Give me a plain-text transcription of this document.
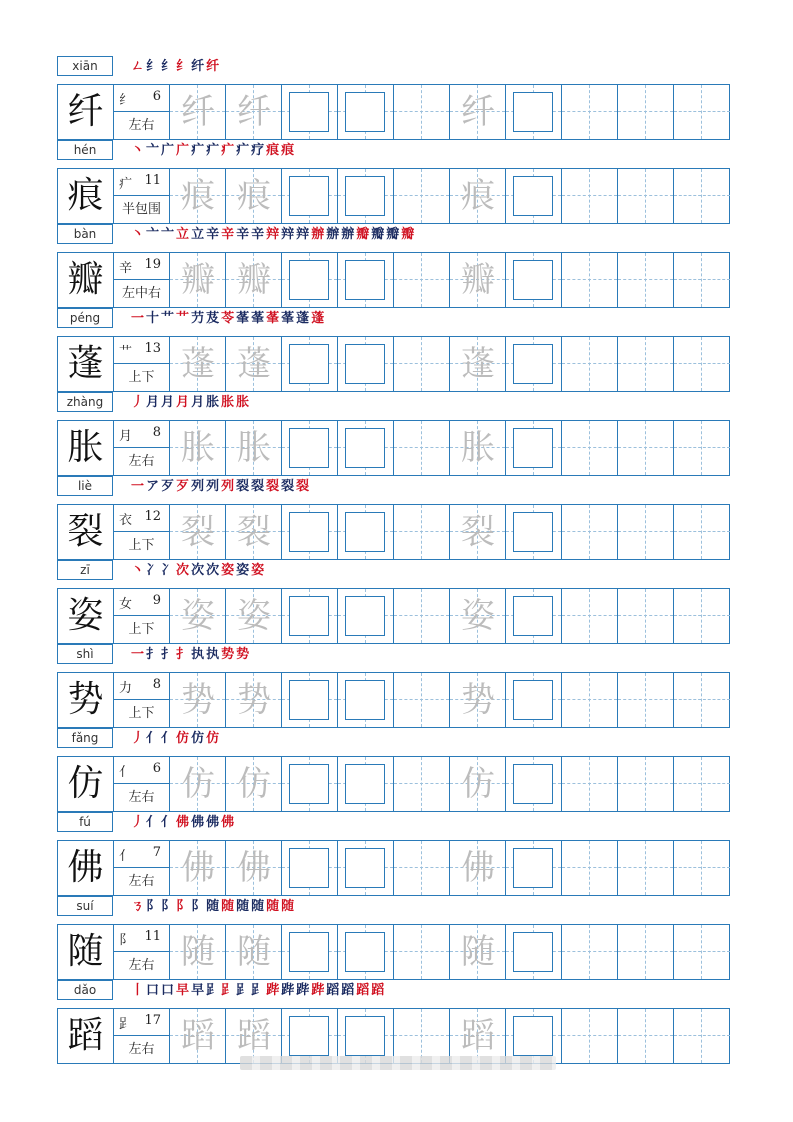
xiān	ㄥ纟纟纟纤纤
纤	纟 6
左右 纤 纤	纤
hén	丶亠广广疒疒疒疒疗痕痕
痕	疒 11
半包围 痕 痕	痕
bàn	丶亠亠立立辛辛辛辛辡辡辡辦辦辦瓣瓣瓣瓣
瓣	辛 19
左中右 瓣 瓣	瓣
péng	一十艹艹芀芨苓莑莑莑莑蓬蓬
蓬	艹 13
上下 蓬 蓬	蓬
zhàng	丿月月月月胀胀胀
胀	月 8
左右 胀 胀	胀
liè	一ア歹歹列列列裂裂裂裂裂
裂	衣 12
上下 裂 裂	裂
zī	丶冫冫次次次姿姿姿
姿	女 9
上下 姿 姿	姿
shì	一扌扌扌执执势势
势	力 8
上下 势 势	势
fǎng	丿亻亻仿仿仿
仿	亻 6
左右 仿 仿	仿
fú	丿亻亻佛佛佛佛
佛	亻 7
左右 佛 佛	佛
suí	ㄋ阝阝阝阝随随随随随随
随	阝 11
左右 随 随	随
dǎo	丨口口早早𧾷𧾷𧾷𧾷跸跸跸跸蹈蹈蹈蹈
蹈	𧾷 17
左右 蹈 蹈	蹈
